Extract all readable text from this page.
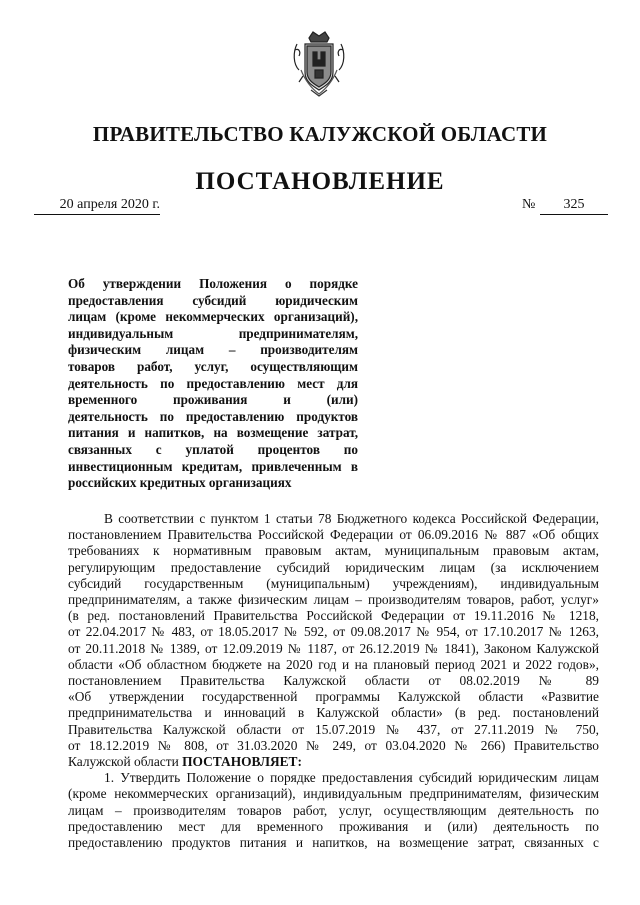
ПРАВИТЕЛЬСТВО КАЛУЖСКОЙ ОБЛАСТИ
ПОСТАНОВЛЕНИЕ
20 апреля 2020 г.	№	325
Об утверждении Положения о порядке
предоставления субсидий юридическим
лицам (кроме некоммерческих организаций),
индивидуальным предпринимателям,
физическим лицам – производителям
товаров работ, услуг, осуществляющим
деятельность по предоставлению мест для
временного проживания и (или)
деятельность по предоставлению продуктов
питания и напитков, на возмещение затрат,
связанных с уплатой процентов по
инвестиционным кредитам, привлеченным в
российских кредитных организациях
В соответствии с пунктом 1 статьи 78 Бюджетного кодекса Российской Федерации,
постановлением Правительства Российской Федерации от 06.09.2016 № 887 «Об общих
требованиях к нормативным правовым актам, муниципальным правовым актам,
регулирующим предоставление субсидий юридическим лицам (за исключением
субсидий государственным (муниципальным) учреждениям), индивидуальным
предпринимателям, а также физическим лицам – производителям товаров, работ, услуг»
(в ред. постановлений Правительства Российской Федерации от 19.11.2016 № 1218,
от 22.04.2017 № 483, от 18.05.2017 № 592, от 09.08.2017 № 954, от 17.10.2017 № 1263,
от 20.11.2018 № 1389, от 12.09.2019 № 1187, от 26.12.2019 № 1841), Законом Калужской
области «Об областном бюджете на 2020 год и на плановый период 2021 и 2022 годов»,
постановлением Правительства Калужской области от 08.02.2019 № 89
«Об утверждении государственной программы Калужской области «Развитие
предпринимательства и инноваций в Калужской области» (в ред. постановлений
Правительства Калужской области от 15.07.2019 № 437, от 27.11.2019 № 750,
от 18.12.2019 № 808, от 31.03.2020 № 249, от 03.04.2020 № 266) Правительство
Калужской области ПОСТАНОВЛЯЕТ:
1. Утвердить Положение о порядке предоставления субсидий юридическим лицам
(кроме некоммерческих организаций), индивидуальным предпринимателям, физическим
лицам – производителям товаров работ, услуг, осуществляющим деятельность по
предоставлению мест для временного проживания и (или) деятельность по
предоставлению продуктов питания и напитков, на возмещение затрат, связанных с
